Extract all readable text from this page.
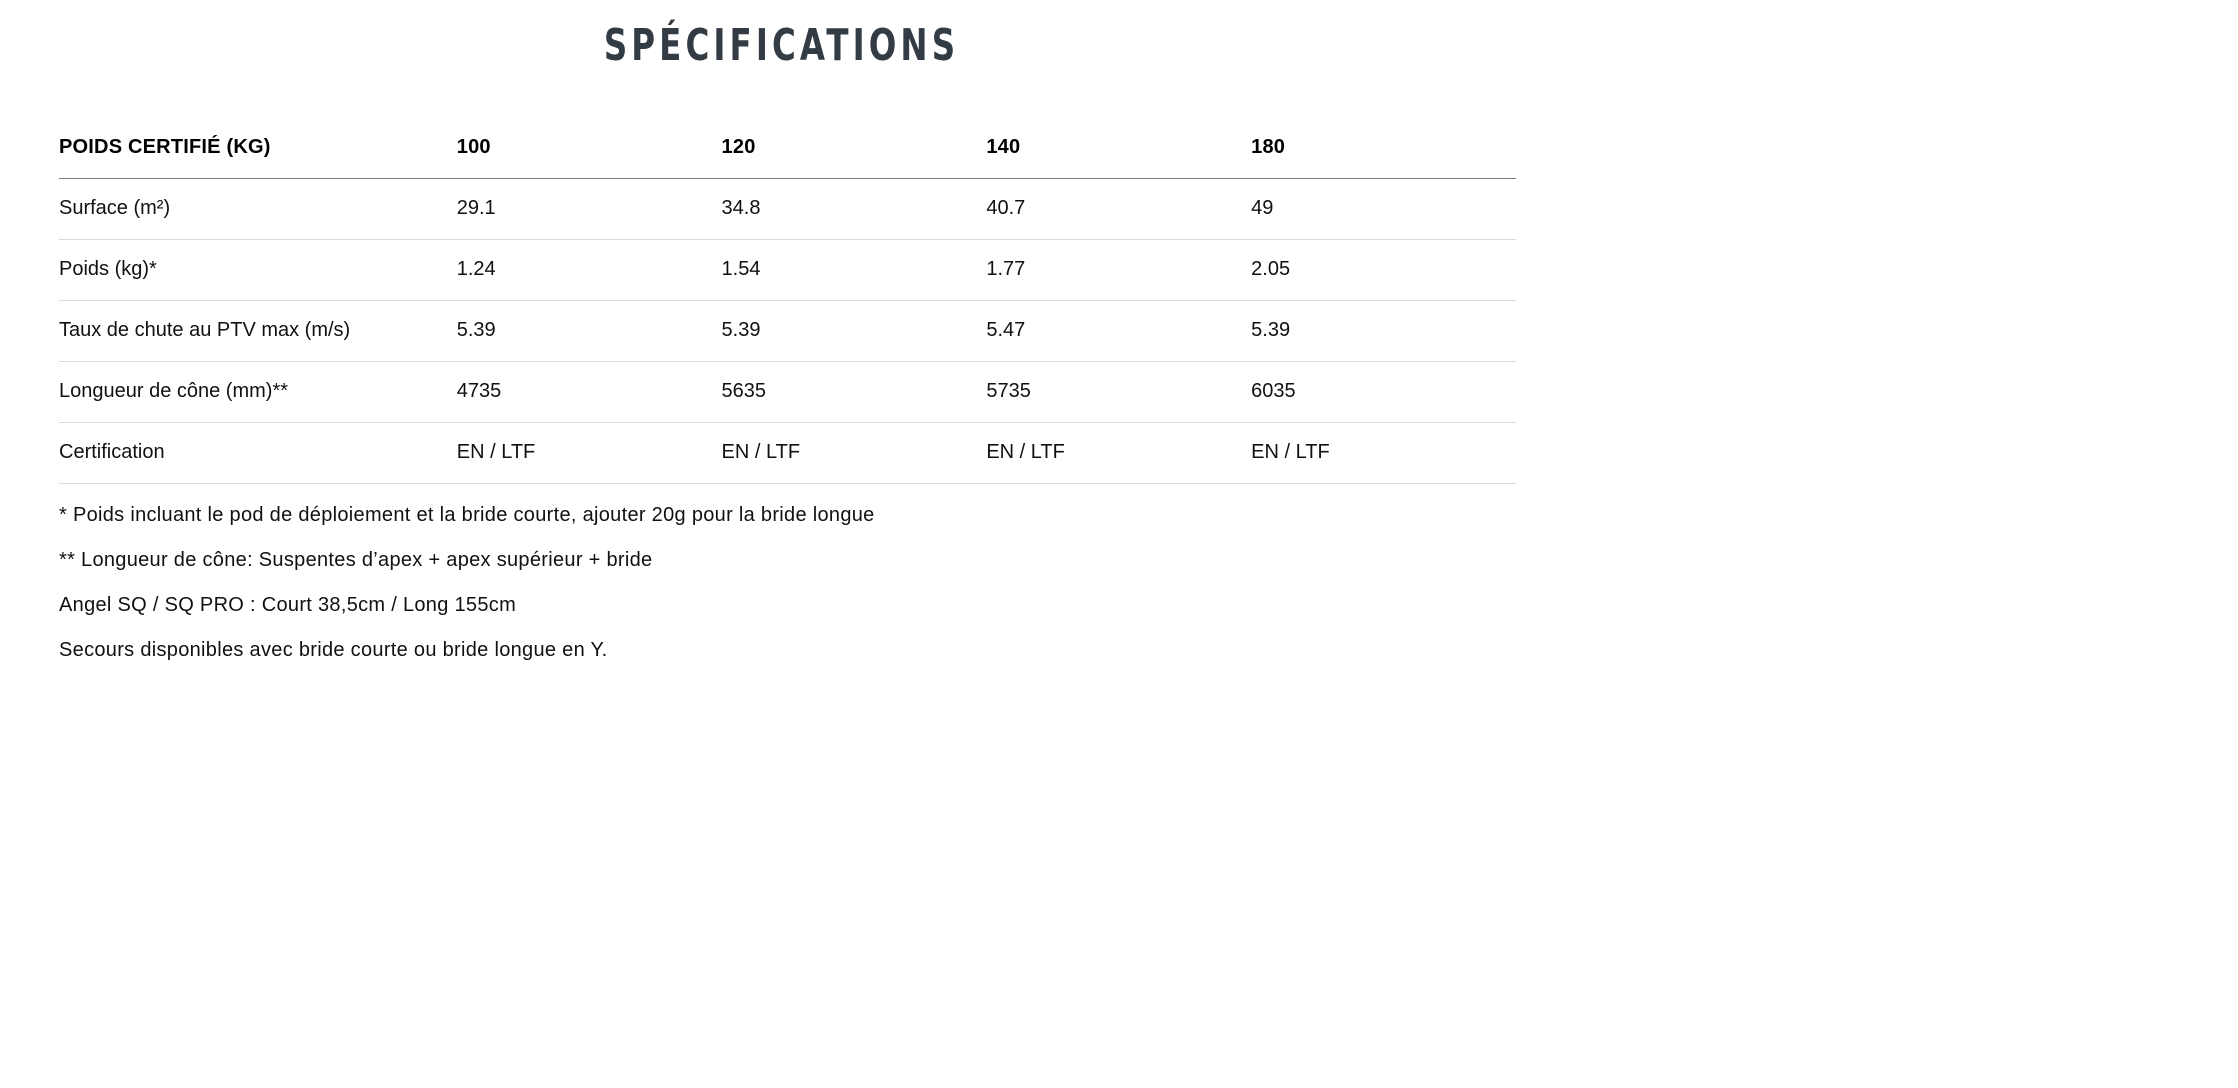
SPÉCIFICATIONS
POIDS CERTIFIÉ (KG)	100	120	140	180
Surface (m²)	29.1	34.8	40.7	49
Poids (kg)*	1.24	1.54	1.77	2.05
Taux de chute au PTV max (m/s)	5.39	5.39	5.47	5.39
Longueur de cône (mm)**	4735	5635	5735	6035
Certification	EN / LTF	EN / LTF	EN / LTF	EN / LTF
* Poids incluant le pod de déploiement et la bride courte, ajouter 20g pour la bride longue
** Longueur de cône: Suspentes d’apex + apex supérieur + bride
Angel SQ / SQ PRO : Court 38,5cm / Long 155cm
Secours disponibles avec bride courte ou bride longue en Y.
